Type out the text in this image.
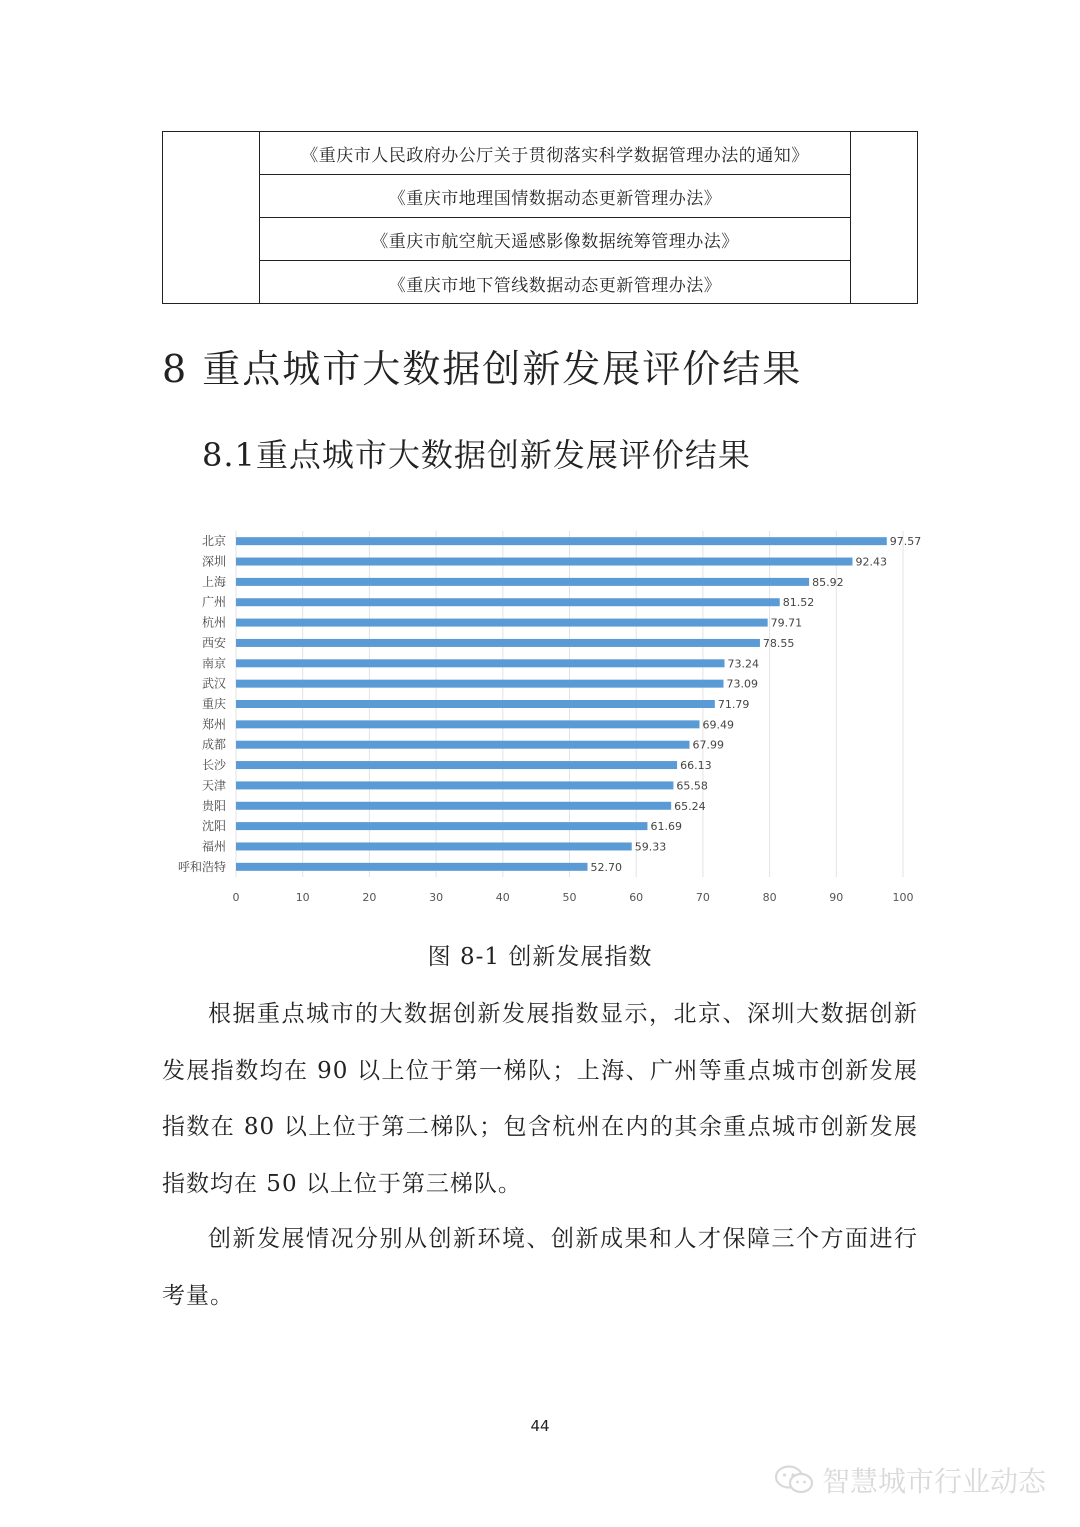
《重庆市人民政府办公厅关于贯彻落实科学数据管理办法的通知》
《重庆市地理国情数据动态更新管理办法》
《重庆市航空航天遥感影像数据统筹管理办法》
《重庆市地下管线数据动态更新管理办法》
8 重点城市大数据创新发展评价结果
8.1重点城市大数据创新发展评价结果
0	10	20	30	40	50	60	70	80	90	100
北京	97.57
深圳	92.43
上海	85.92
广州	81.52
杭州	79.71
西安	78.55
南京	73.24
武汉	73.09
重庆	71.79
郑州	69.49
成都	67.99
长沙	66.13
天津	65.58
贵阳	65.24
沈阳	61.69
福州	59.33
呼和浩特	52.70
图 8-1 创新发展指数
根据重点城市的大数据创新发展指数显示，北京、深圳大数据创新发展指数均在 90 以上位于第一梯队；上海、广州等重点城市创新发展指数在 80 以上位于第二梯队；包含杭州在内的其余重点城市创新发展指数均在 50 以上位于第三梯队。
创新发展情况分别从创新环境、创新成果和人才保障三个方面进行考量。
44
智慧城市行业动态
